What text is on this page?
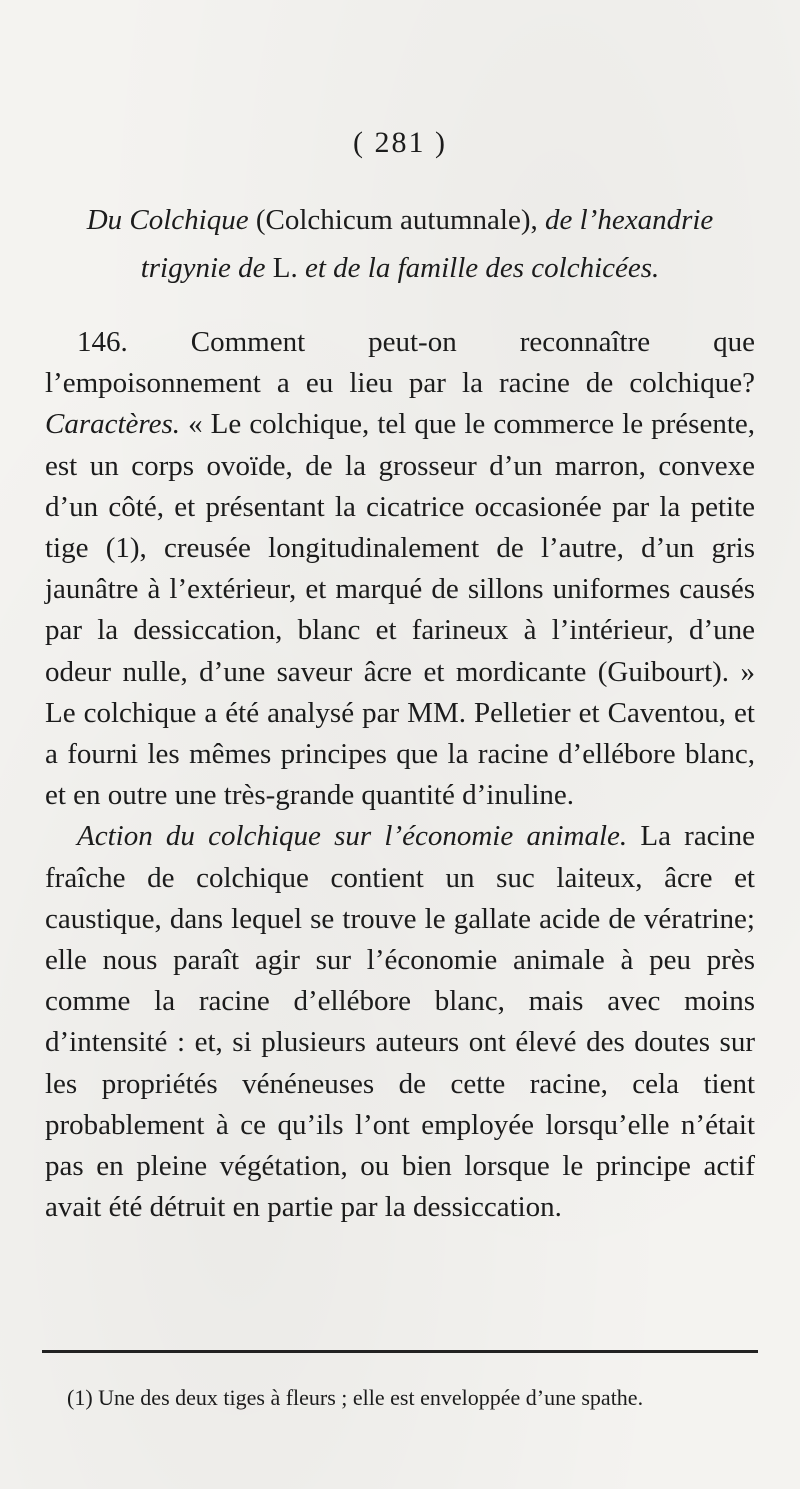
( 281 )
Du Colchique (Colchicum autumnale), de l’hexandrie trigynie de L. et de la famille des colchicées.

146. Comment peut-on reconnaître que l’empoisonnement a eu lieu par la racine de colchique? Caractères. « Le colchique, tel que le commerce le présente, est un corps ovoïde, de la grosseur d’un marron, convexe d’un côté, et présentant la cicatrice occasionée par la petite tige (1), creusée longitudinalement de l’autre, d’un gris jaunâtre à l’extérieur, et marqué de sillons uniformes causés par la dessiccation, blanc et farineux à l’intérieur, d’une odeur nulle, d’une saveur âcre et mordicante (Guibourt). » Le colchique a été analysé par MM. Pelletier et Caventou, et a fourni les mêmes principes que la racine d’ellébore blanc, et en outre une très-grande quantité d’inuline.

Action du colchique sur l’économie animale. La racine fraîche de colchique contient un suc laiteux, âcre et caustique, dans lequel se trouve le gallate acide de vératrine; elle nous paraît agir sur l’économie animale à peu près comme la racine d’ellébore blanc, mais avec moins d’intensité : et, si plusieurs auteurs ont élevé des doutes sur les propriétés vénéneuses de cette racine, cela tient probablement à ce qu’ils l’ont employée lorsqu’elle n’était pas en pleine végétation, ou bien lorsque le principe actif avait été détruit en partie par la dessiccation.

(1) Une des deux tiges à fleurs ; elle est enveloppée d’une spathe.
